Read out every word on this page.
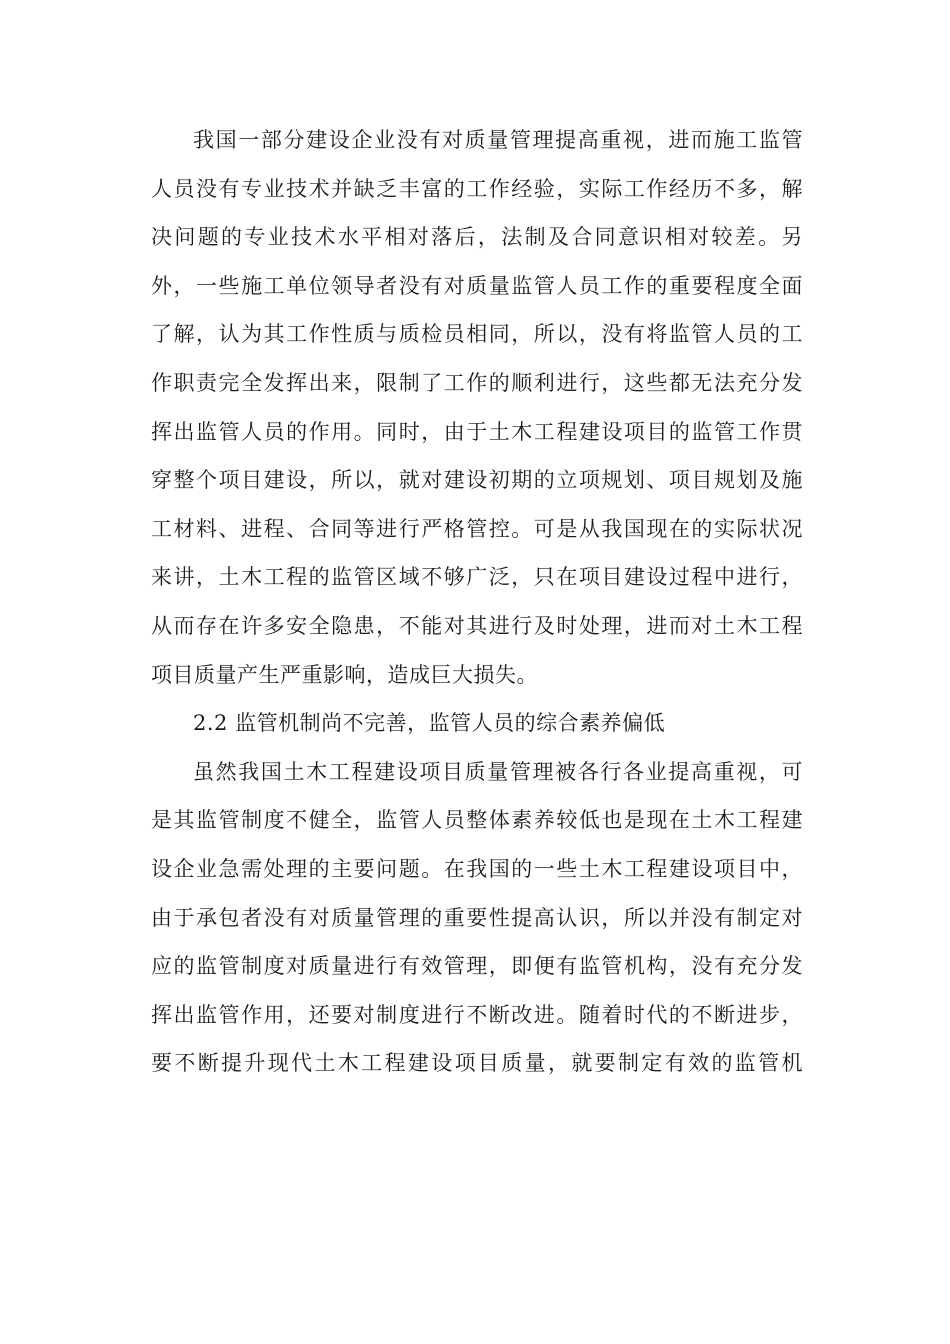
我国一部分建设企业没有对质量管理提高重视，进而施工监管
人员没有专业技术并缺乏丰富的工作经验，实际工作经历不多，解
决问题的专业技术水平相对落后，法制及合同意识相对较差。另
外，一些施工单位领导者没有对质量监管人员工作的重要程度全面
了解，认为其工作性质与质检员相同，所以，没有将监管人员的工
作职责完全发挥出来，限制了工作的顺利进行，这些都无法充分发
挥出监管人员的作用。同时，由于土木工程建设项目的监管工作贯
穿整个项目建设，所以，就对建设初期的立项规划、项目规划及施
工材料、进程、合同等进行严格管控。可是从我国现在的实际状况
来讲，土木工程的监管区域不够广泛，只在项目建设过程中进行，
从而存在许多安全隐患，不能对其进行及时处理，进而对土木工程
项目质量产生严重影响，造成巨大损失。
2.2 监管机制尚不完善，监管人员的综合素养偏低
虽然我国土木工程建设项目质量管理被各行各业提高重视，可
是其监管制度不健全，监管人员整体素养较低也是现在土木工程建
设企业急需处理的主要问题。在我国的一些土木工程建设项目中，
由于承包者没有对质量管理的重要性提高认识，所以并没有制定对
应的监管制度对质量进行有效管理，即便有监管机构，没有充分发
挥出监管作用，还要对制度进行不断改进。随着时代的不断进步，
要不断提升现代土木工程建设项目质量，就要制定有效的监管机
